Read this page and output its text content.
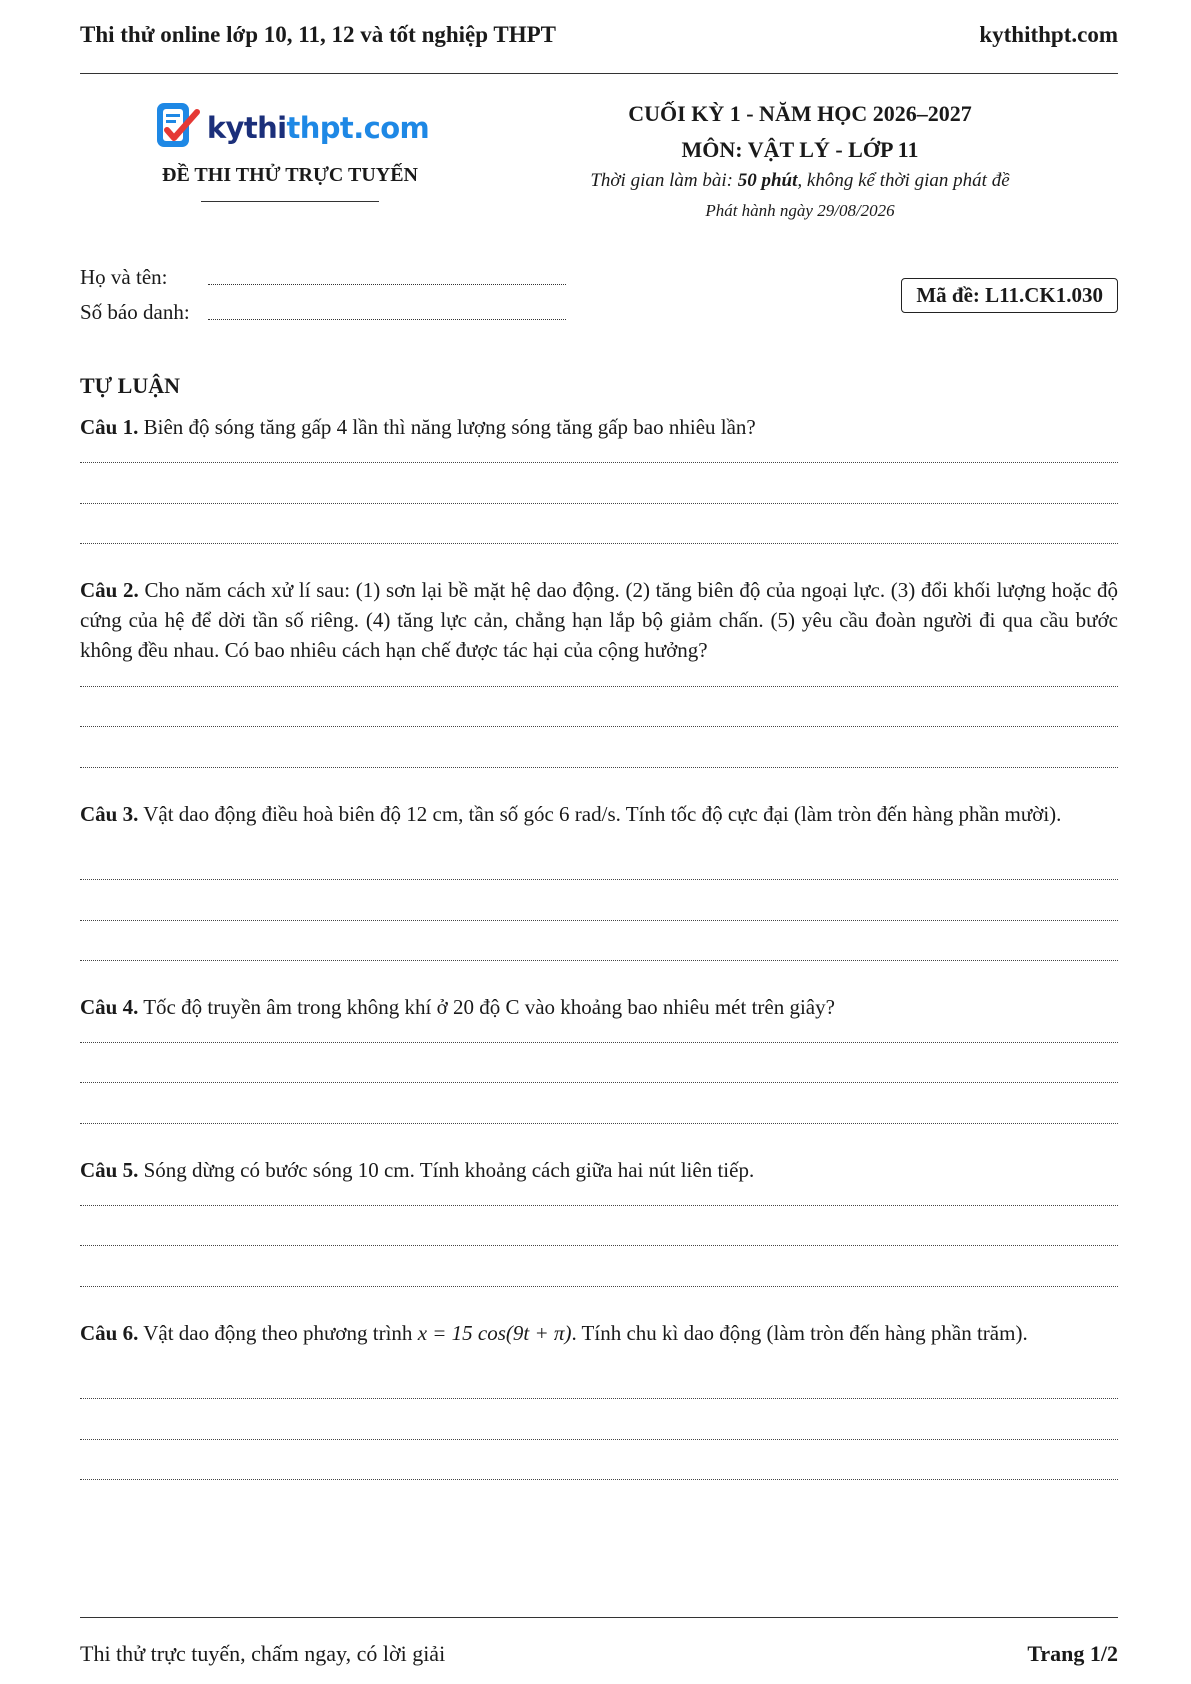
Thi thử online lớp 10, 11, 12 và tốt nghiệp THPT	kythithpt.com
kythithpt.com
ĐỀ THI THỬ TRỰC TUYẾN
CUỐI KỲ 1 - NĂM HỌC 2026–2027
MÔN: VẬT LÝ - LỚP 11
Thời gian làm bài: 50 phút, không kể thời gian phát đề
Phát hành ngày 29/08/2026
Họ và tên:
Số báo danh:
Mã đề: L11.CK1.030
TỰ LUẬN
Câu 1. Biên độ sóng tăng gấp 4 lần thì năng lượng sóng tăng gấp bao nhiêu lần?
Câu 2. Cho năm cách xử lí sau: (1) sơn lại bề mặt hệ dao động. (2) tăng biên độ của ngoại lực. (3) đổi khối lượng hoặc độ cứng của hệ để dời tần số riêng. (4) tăng lực cản, chẳng hạn lắp bộ giảm chấn. (5) yêu cầu đoàn người đi qua cầu bước không đều nhau. Có bao nhiêu cách hạn chế được tác hại của cộng hưởng?
Câu 3. Vật dao động điều hoà biên độ 12 cm, tần số góc 6 rad/s. Tính tốc độ cực đại (làm tròn đến hàng phần mười).
Câu 4. Tốc độ truyền âm trong không khí ở 20 độ C vào khoảng bao nhiêu mét trên giây?
Câu 5. Sóng dừng có bước sóng 10 cm. Tính khoảng cách giữa hai nút liên tiếp.
Câu 6. Vật dao động theo phương trình x = 15 cos(9t + π). Tính chu kì dao động (làm tròn đến hàng phần trăm).
Thi thử trực tuyến, chấm ngay, có lời giải	Trang 1/2
